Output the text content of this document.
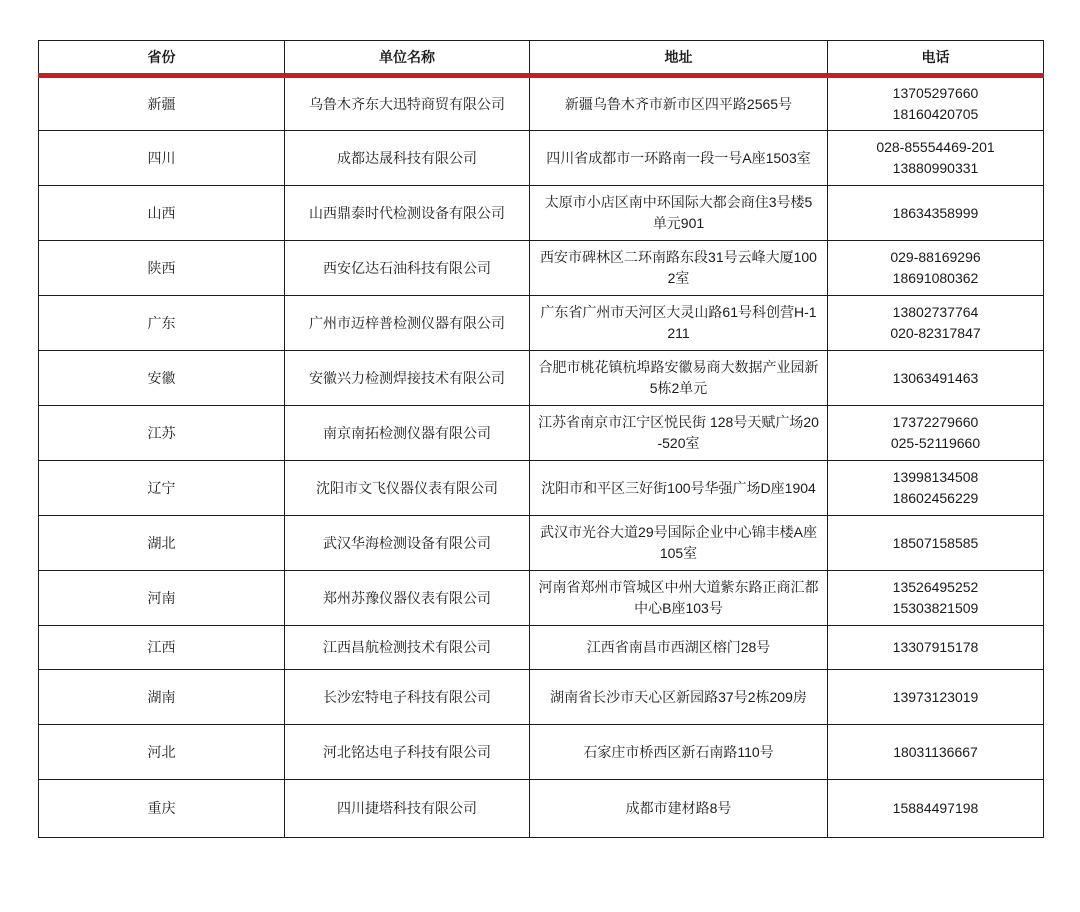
省份	单位名称	地址	电话
新疆	乌鲁木齐东大迅特商贸有限公司	新疆乌鲁木齐市新市区四平路2565号	13705297660
18160420705

四川	成都达晟科技有限公司	四川省成都市一环路南一段一号A座1503室	028-85554469-201
13880990331

山西	山西鼎泰时代检测设备有限公司	太原市小店区南中环国际大都会商住3号楼5单元901	18634358999

陕西	西安亿达石油科技有限公司	西安市碑林区二环南路东段31号云峰大厦1002室	029-88169296
18691080362

广东	广州市迈梓普检测仪器有限公司	广东省广州市天河区大灵山路61号科创营H-1211	13802737764
020-82317847

安徽	安徽兴力检测焊接技术有限公司	合肥市桃花镇杭埠路安徽易商大数据产业园新5栋2单元	13063491463

江苏	南京南拓检测仪器有限公司	江苏省南京市江宁区悦民街 128号天赋广场20-520室	17372279660
025-52119660

辽宁	沈阳市文飞仪器仪表有限公司	沈阳市和平区三好街100号华强广场D座1904	13998134508
18602456229

湖北	武汉华海检测设备有限公司	武汉市光谷大道29号国际企业中心锦丰楼A座105室	18507158585

河南	郑州苏豫仪器仪表有限公司	河南省郑州市管城区中州大道紫东路正商汇都中心B座103号	13526495252
15303821509

江西	江西昌航检测技术有限公司	江西省南昌市西湖区榕门28号	13307915178

湖南	长沙宏特电子科技有限公司	湖南省长沙市天心区新园路37号2栋209房	13973123019

河北	河北铭达电子科技有限公司	石家庄市桥西区新石南路110号	18031136667

重庆	四川捷塔科技有限公司	成都市建材路8号	15884497198
